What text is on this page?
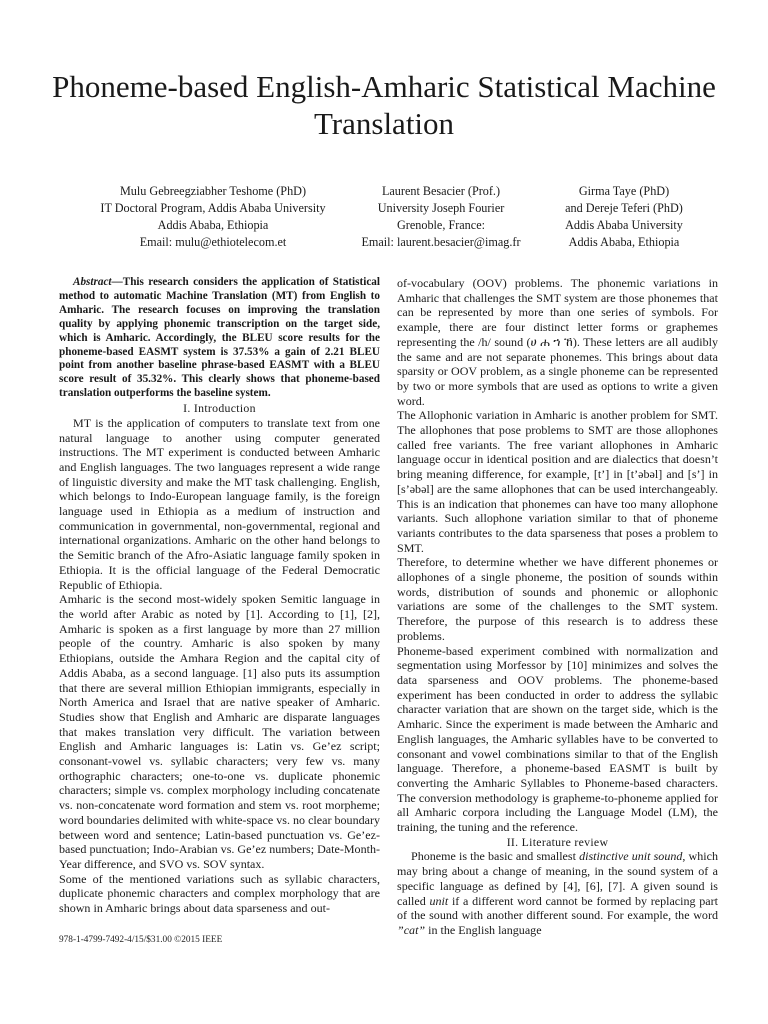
Phoneme-based English-Amharic Statistical Machine Translation
Mulu Gebreegziabher Teshome (PhD)
IT Doctoral Program, Addis Ababa University
Addis Ababa, Ethiopia
Email: mulu@ethiotelecom.et
Laurent Besacier (Prof.)
University Joseph Fourier
Grenoble, France:
Email: laurent.besacier@imag.fr
Girma Taye (PhD)
and Dereje Teferi (PhD)
Addis Ababa University
Addis Ababa, Ethiopia

Abstract—This research considers the application of Statistical method to automatic Machine Translation (MT) from English to Amharic. The research focuses on improving the translation quality by applying phonemic transcription on the target side, which is Amharic. Accordingly, the BLEU score results for the phoneme-based EASMT system is 37.53% a gain of 2.21 BLEU point from another baseline phrase-based EASMT with a BLEU score result of 35.32%. This clearly shows that phoneme-based translation outperforms the baseline system.

I. Introduction

MT is the application of computers to translate text from one natural language to another using computer generated instructions. The MT experiment is conducted between Amharic and English languages. The two languages represent a wide range of linguistic diversity and make the MT task challenging. English, which belongs to Indo-European language family, is the foreign language used in Ethiopia as a medium of instruction and communication in governmental, non-governmental, regional and international organizations. Amharic on the other hand belongs to the Semitic branch of the Afro-Asiatic language family spoken in Ethiopia. It is the official language of the Federal Democratic Republic of Ethiopia.

Amharic is the second most-widely spoken Semitic language in the world after Arabic as noted by [1]. According to [1], [2], Amharic is spoken as a first language by more than 27 million people of the country. Amharic is also spoken by many Ethiopians, outside the Amhara Region and the capital city of Addis Ababa, as a second language. [1] also puts its assumption that there are several million Ethiopian immigrants, especially in North America and Israel that are native speaker of Amharic. Studies show that English and Amharic are disparate languages that makes translation very difficult. The variation between English and Amharic languages is: Latin vs. Ge’ez script; consonant-vowel vs. syllabic characters; very few vs. many orthographic characters; one-to-one vs. duplicate phonemic characters; simple vs. complex morphology including concatenate vs. non-concatenate word formation and stem vs. root morpheme; word boundaries delimited with white-space vs. no clear boundary between word and sentence; Latin-based punctuation vs. Ge’ez-based punctuation; Indo-Arabian vs. Ge’ez numbers; Date-Month-Year difference, and SVO vs. SOV syntax.

Some of the mentioned variations such as syllabic characters, duplicate phonemic characters and complex morphology that are shown in Amharic brings about data sparseness and out-

of-vocabulary (OOV) problems. The phonemic variations in Amharic that challenges the SMT system are those phonemes that can be represented by more than one series of symbols. For example, there are four distinct letter forms or graphemes representing the /h/ sound (ሀ ሐ ኀ ኸ). These letters are all audibly the same and are not separate phonemes. This brings about data sparsity or OOV problem, as a single phoneme can be represented by two or more symbols that are used as options to write a given word.

The Allophonic variation in Amharic is another problem for SMT. The allophones that pose problems to SMT are those allophones called free variants. The free variant allophones in Amharic language occur in identical position and are dialectics that doesn’t bring meaning difference, for example, [t’] in [t’əbəl] and [s’] in [s’əbəl] are the same allophones that can be used interchangeably. This is an indication that phonemes can have too many allophone variants. Such allophone variation similar to that of phoneme variants contributes to the data sparseness that poses a problem to SMT.

Therefore, to determine whether we have different phonemes or allophones of a single phoneme, the position of sounds within words, distribution of sounds and phonemic or allophonic variations are some of the challenges to the SMT system. Therefore, the purpose of this research is to address these problems.

Phoneme-based experiment combined with normalization and segmentation using Morfessor by [10] minimizes and solves the data sparseness and OOV problems. The phoneme-based experiment has been conducted in order to address the syllabic character variation that are shown on the target side, which is the Amharic. Since the experiment is made between the Amharic and English languages, the Amharic syllables have to be converted to consonant and vowel combinations similar to that of the English language. Therefore, a phoneme-based EASMT is built by converting the Amharic Syllables to Phoneme-based characters. The conversion methodology is grapheme-to-phoneme applied for all Amharic corpora including the Language Model (LM), the training, the tuning and the reference.

II. Literature review

Phoneme is the basic and smallest distinctive unit sound, which may bring about a change of meaning, in the sound system of a specific language as defined by [4], [6], [7]. A given sound is called unit if a different word cannot be formed by replacing part of the sound with another different sound. For example, the word ”cat” in the English language

978-1-4799-7492-4/15/$31.00 ©2015 IEEE
